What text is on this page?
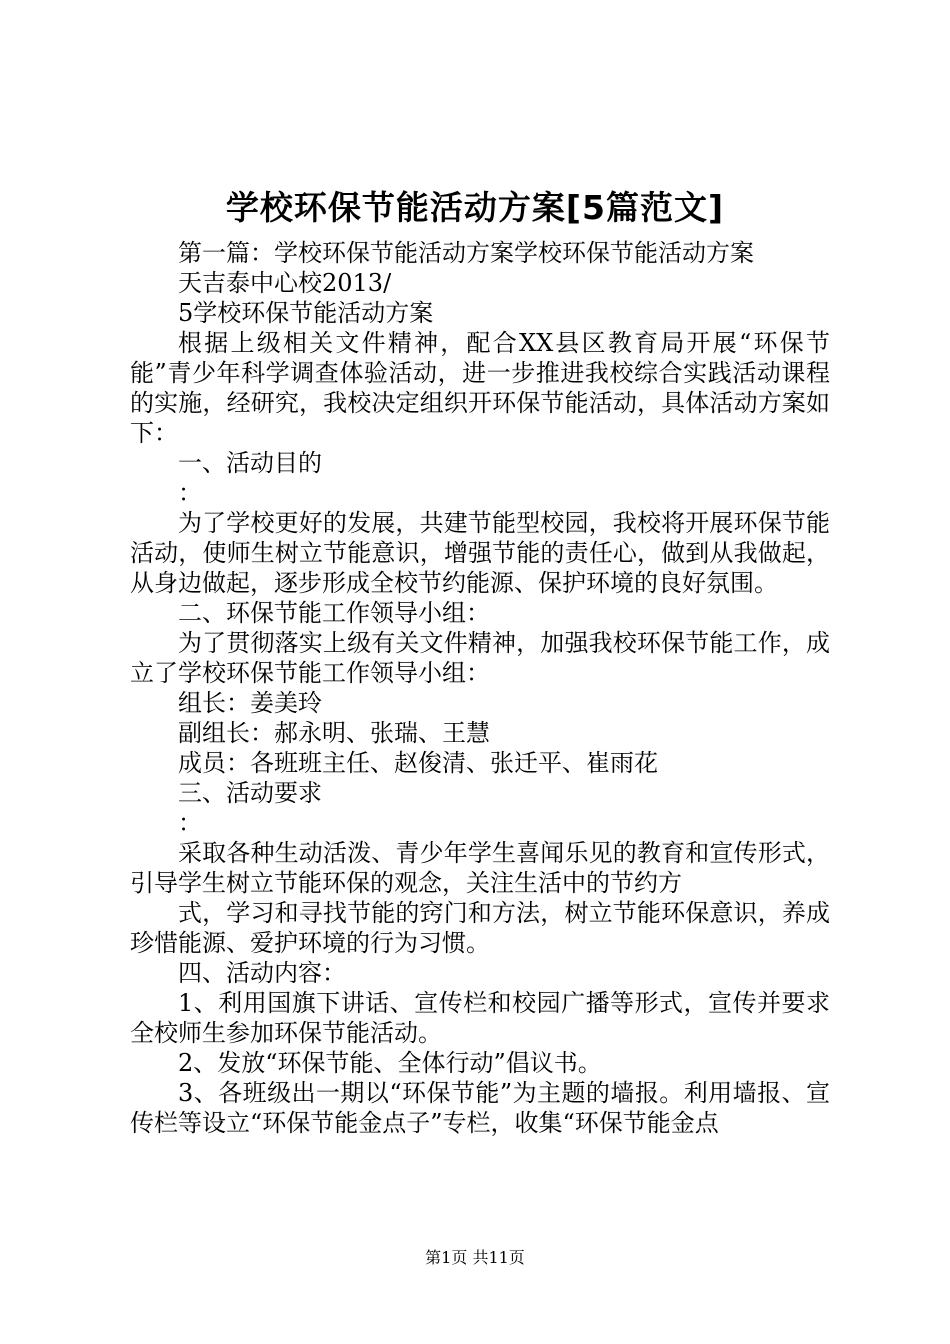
学校环保节能活动方案[5篇范文]

第一篇：学校环保节能活动方案学校环保节能活动方案

天吉泰中心校2013/

5学校环保节能活动方案

根据上级相关文件精神，配合XX县区教育局开展“环保节能”青少年科学调查体验活动，进一步推进我校综合实践活动课程的实施，经研究，我校决定组织开环保节能活动，具体活动方案如下：

一、活动目的

：

为了学校更好的发展，共建节能型校园，我校将开展环保节能活动，使师生树立节能意识，增强节能的责任心，做到从我做起，从身边做起，逐步形成全校节约能源、保护环境的良好氛围。

二、环保节能工作领导小组：

为了贯彻落实上级有关文件精神，加强我校环保节能工作，成立了学校环保节能工作领导小组：

组长：姜美玲

副组长：郝永明、张瑞、王慧

成员：各班班主任、赵俊清、张迁平、崔雨花

三、活动要求

：

采取各种生动活泼、青少年学生喜闻乐见的教育和宣传形式，引导学生树立节能环保的观念，关注生活中的节约方

式，学习和寻找节能的窍门和方法，树立节能环保意识，养成珍惜能源、爱护环境的行为习惯。

四、活动内容：

1、利用国旗下讲话、宣传栏和校园广播等形式，宣传并要求全校师生参加环保节能活动。

2、发放“环保节能、全体行动”倡议书。

3、各班级出一期以“环保节能”为主题的墙报。利用墙报、宣传栏等设立“环保节能金点子”专栏，收集“环保节能金点

第1页 共11页
